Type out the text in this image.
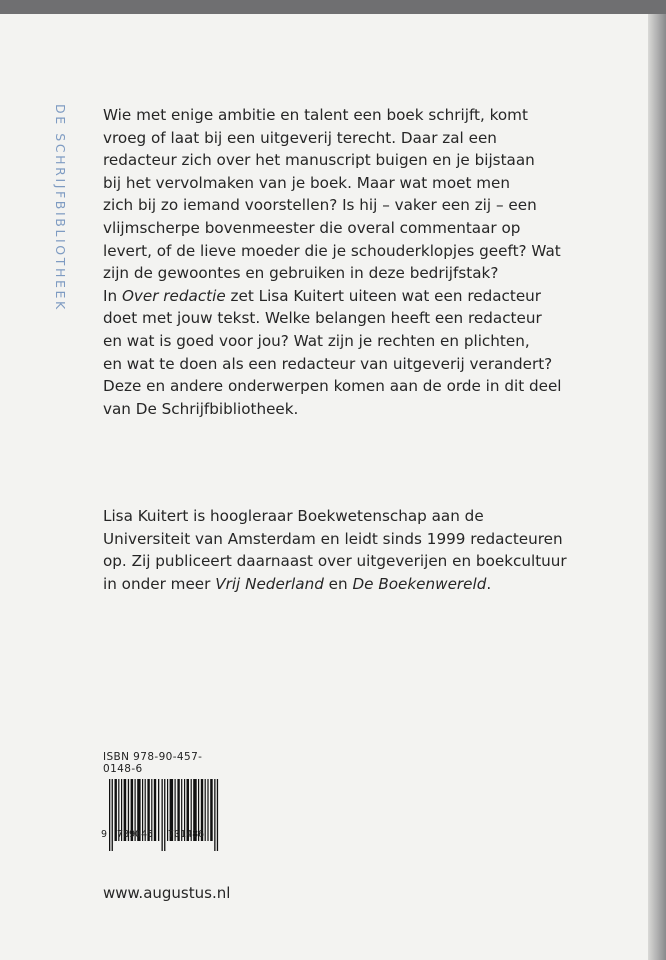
DE SCHRIJFBIBLIOTHEEK Wie met enige ambitie en talent een boek schrijft, komt

vroeg of laat bij een uitgeverij terecht. Daar zal een

redacteur zich over het manuscript buigen en je bijstaan

bij het vervolmaken van je boek. Maar wat moet men

zich bij zo iemand voorstellen? Is hij – vaker een zij – een

vlijmscherpe bovenmeester die overal commentaar op

levert, of de lieve moeder die je schouderklopjes geeft? Wat

zijn de gewoontes en gebruiken in deze bedrijfstak?

In Over redactie zet Lisa Kuitert uiteen wat een redacteur

doet met jouw tekst. Welke belangen heeft een redacteur

en wat is goed voor jou? Wat zijn je rechten en plichten,

en wat te doen als een redacteur van uitgeverij verandert?

Deze en andere onderwerpen komen aan de orde in dit deel

van De Schrijfbibliotheek.

Lisa Kuitert is hoogleraar Boekwetenschap aan de

Universiteit van Amsterdam en leidt sinds 1999 redacteuren

op. Zij publiceert daarnaast over uitgeverijen en boekcultuur

in onder meer Vrij Nederland en De Boekenwereld.

ISBN 978-90-457-0148-6
9 789045 701486
www.augustus.nl
